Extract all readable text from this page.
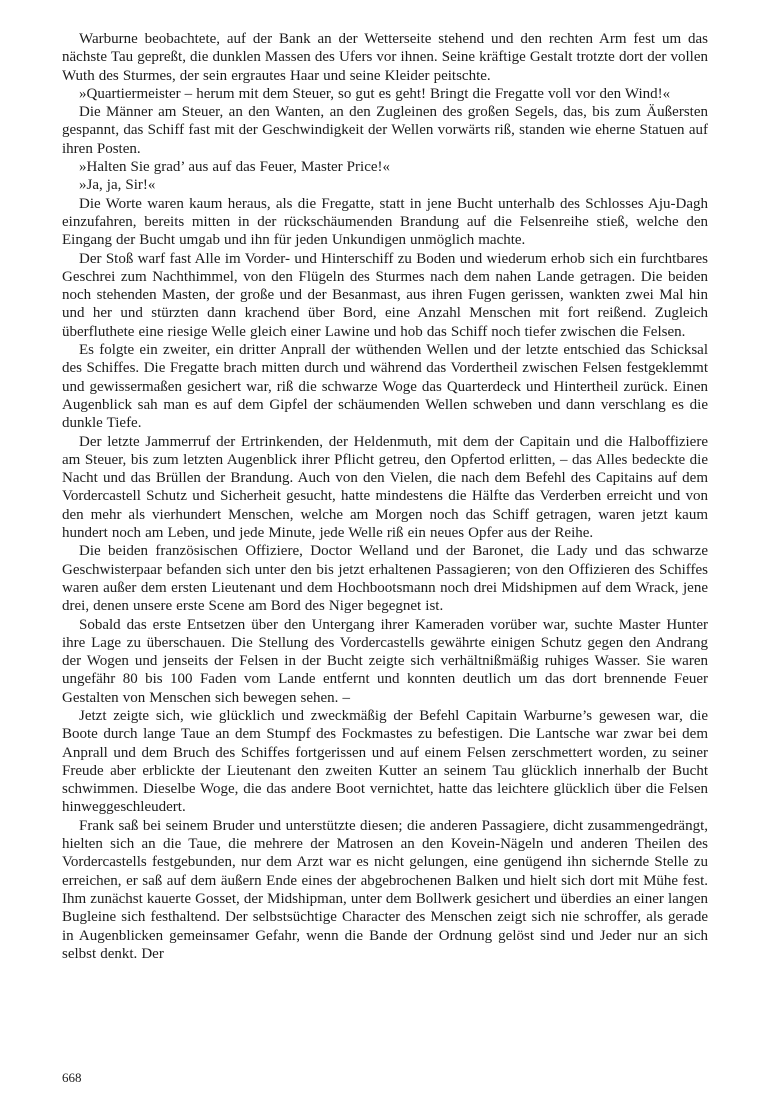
Warburne beobachtete, auf der Bank an der Wetterseite stehend und den rechten Arm fest um das nächste Tau gepreßt, die dunklen Massen des Ufers vor ihnen. Seine kräftige Gestalt trotzte dort der vollen Wuth des Sturmes, der sein ergrautes Haar und seine Kleider peitschte.

»Quartiermeister – herum mit dem Steuer, so gut es geht! Bringt die Fregatte voll vor den Wind!«

Die Männer am Steuer, an den Wanten, an den Zugleinen des großen Segels, das, bis zum Äußersten gespannt, das Schiff fast mit der Geschwindigkeit der Wellen vorwärts riß, standen wie eherne Statuen auf ihren Posten.

»Halten Sie grad’ aus auf das Feuer, Master Price!«

»Ja, ja, Sir!«

Die Worte waren kaum heraus, als die Fregatte, statt in jene Bucht unterhalb des Schlosses Aju-Dagh einzufahren, bereits mitten in der rückschäumenden Brandung auf die Felsenreihe stieß, welche den Eingang der Bucht umgab und ihn für jeden Unkundigen unmöglich machte.

Der Stoß warf fast Alle im Vorder- und Hinterschiff zu Boden und wiederum erhob sich ein furchtbares Geschrei zum Nachthimmel, von den Flügeln des Sturmes nach dem nahen Lande getragen. Die beiden noch stehenden Masten, der große und der Besanmast, aus ihren Fugen gerissen, wankten zwei Mal hin und her und stürzten dann krachend über Bord, eine Anzahl Menschen mit fort reißend. Zugleich überfluthete eine riesige Welle gleich einer Lawine und hob das Schiff noch tiefer zwischen die Felsen.

Es folgte ein zweiter, ein dritter Anprall der wüthenden Wellen und der letzte entschied das Schicksal des Schiffes. Die Fregatte brach mitten durch und während das Vordertheil zwischen Felsen festgeklemmt und gewissermaßen gesichert war, riß die schwarze Woge das Quarterdeck und Hintertheil zurück. Einen Augenblick sah man es auf dem Gipfel der schäumenden Wellen schweben und dann verschlang es die dunkle Tiefe.

Der letzte Jammerruf der Ertrinkenden, der Heldenmuth, mit dem der Capitain und die Halboffiziere am Steuer, bis zum letzten Augenblick ihrer Pflicht getreu, den Opfertod erlitten, – das Alles bedeckte die Nacht und das Brüllen der Brandung. Auch von den Vielen, die nach dem Befehl des Capitains auf dem Vordercastell Schutz und Sicherheit gesucht, hatte mindestens die Hälfte das Verderben erreicht und von den mehr als vierhundert Menschen, welche am Morgen noch das Schiff getragen, waren jetzt kaum hundert noch am Leben, und jede Minute, jede Welle riß ein neues Opfer aus der Reihe.

Die beiden französischen Offiziere, Doctor Welland und der Baronet, die Lady und das schwarze Geschwisterpaar befanden sich unter den bis jetzt erhaltenen Passagieren; von den Offizieren des Schiffes waren außer dem ersten Lieutenant und dem Hochbootsmann noch drei Midshipmen auf dem Wrack, jene drei, denen unsere erste Scene am Bord des Niger begegnet ist.

Sobald das erste Entsetzen über den Untergang ihrer Kameraden vorüber war, suchte Master Hunter ihre Lage zu überschauen. Die Stellung des Vordercastells gewährte einigen Schutz gegen den Andrang der Wogen und jenseits der Felsen in der Bucht zeigte sich verhältnißmäßig ruhiges Wasser. Sie waren ungefähr 80 bis 100 Faden vom Lande entfernt und konnten deutlich um das dort brennende Feuer Gestalten von Menschen sich bewegen sehen. –

Jetzt zeigte sich, wie glücklich und zweckmäßig der Befehl Capitain Warburne’s gewesen war, die Boote durch lange Taue an dem Stumpf des Fockmastes zu befestigen. Die Lantsche war zwar bei dem Anprall und dem Bruch des Schiffes fortgerissen und auf einem Felsen zerschmettert worden, zu seiner Freude aber erblickte der Lieutenant den zweiten Kutter an seinem Tau glücklich innerhalb der Bucht schwimmen. Dieselbe Woge, die das andere Boot vernichtet, hatte das leichtere glücklich über die Felsen hinweggeschleudert.

Frank saß bei seinem Bruder und unterstützte diesen; die anderen Passagiere, dicht zusammengedrängt, hielten sich an die Taue, die mehrere der Matrosen an den Kovein-Nägeln und anderen Theilen des Vordercastells festgebunden, nur dem Arzt war es nicht gelungen, eine genügend ihn sichernde Stelle zu erreichen, er saß auf dem äußern Ende eines der abgebrochenen Balken und hielt sich dort mit Mühe fest. Ihm zunächst kauerte Gosset, der Midshipman, unter dem Bollwerk gesichert und überdies an einer langen Bugleine sich festhaltend. Der selbstsüchtige Character des Menschen zeigt sich nie schroffer, als gerade in Augenblicken gemeinsamer Gefahr, wenn die Bande der Ordnung gelöst sind und Jeder nur an sich selbst denkt. Der

668
